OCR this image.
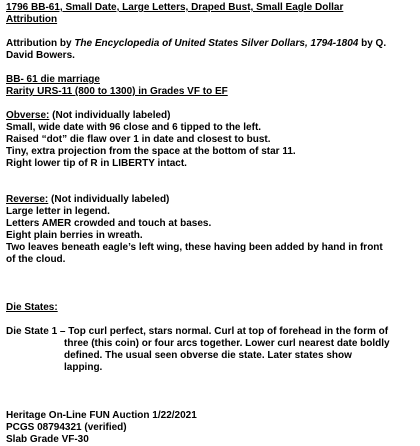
1796 BB-61, Small Date, Large Letters, Draped Bust, Small Eagle Dollar
Attribution
Attribution by The Encyclopedia of United States Silver Dollars, 1794-1804 by Q.
David Bowers.
BB- 61 die marriage
Rarity URS-11 (800 to 1300) in Grades VF to EF
Obverse: (Not individually labeled)
Small, wide date with 96 close and 6 tipped to the left.
Raised “dot” die flaw over 1 in date and closest to bust.
Tiny, extra projection from the space at the bottom of star 11.
Right lower tip of R in LIBERTY intact.
Reverse: (Not individually labeled)
Large letter in legend.
Letters AMER crowded and touch at bases.
Eight plain berries in wreath.
Two leaves beneath eagle’s left wing, these having been added by hand in front
of the cloud.
Die States:
Die State 1 – Top curl perfect, stars normal. Curl at top of forehead in the form of
three (this coin) or four arcs together. Lower curl nearest date boldly
defined. The usual seen obverse die state. Later states show
lapping.
Heritage On-Line FUN Auction 1/22/2021
PCGS 08794321 (verified)
Slab Grade VF-30
